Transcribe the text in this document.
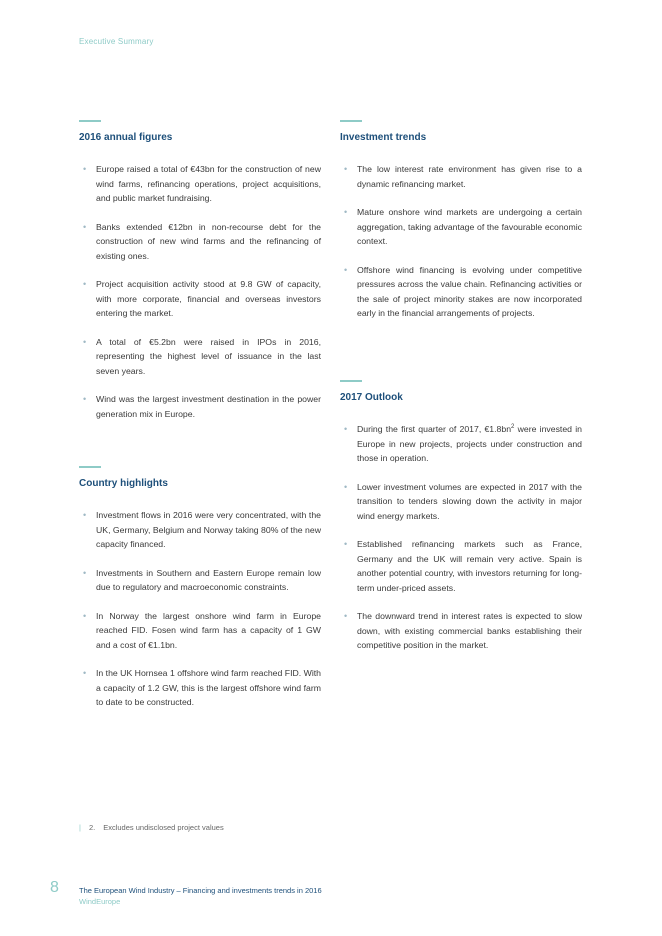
Executive Summary
2016 annual figures
• Europe raised a total of €43bn for the construction of new wind farms, refinancing operations, project acquisitions, and public market fundraising.
• Banks extended €12bn in non-recourse debt for the construction of new wind farms and the refinancing of existing ones.
• Project acquisition activity stood at 9.8 GW of capacity, with more corporate, financial and overseas investors entering the market.
• A total of €5.2bn were raised in IPOs in 2016, representing the highest level of issuance in the last seven years.
• Wind was the largest investment destination in the power generation mix in Europe.
Country highlights
• Investment flows in 2016 were very concentrated, with the UK, Germany, Belgium and Norway taking 80% of the new capacity financed.
• Investments in Southern and Eastern Europe remain low due to regulatory and macroeconomic constraints.
• In Norway the largest onshore wind farm in Europe reached FID. Fosen wind farm has a capacity of 1 GW and a cost of €1.1bn.
• In the UK Hornsea 1 offshore wind farm reached FID. With a capacity of 1.2 GW, this is the largest offshore wind farm to date to be constructed.
Investment trends
• The low interest rate environment has given rise to a dynamic refinancing market.
• Mature onshore wind markets are undergoing a certain aggregation, taking advantage of the favourable economic context.
• Offshore wind financing is evolving under competitive pressures across the value chain. Refinancing activities or the sale of project minority stakes are now incorporated early in the financial arrangements of projects.
2017 Outlook
• During the first quarter of 2017, $€1.8bn^2$ were invested in Europe in new projects, projects under construction and those in operation.
• Lower investment volumes are expected in 2017 with the transition to tenders slowing down the activity in major wind energy markets.
• Established refinancing markets such as France, Germany and the UK will remain very active. Spain is another potential country, with investors returning for long-term under-priced assets.
• The downward trend in interest rates is expected to slow down, with existing commercial banks establishing their competitive position in the market.
| 2. Excludes undisclosed project values
8	The European Wind Industry – Financing and investments trends in 2016
WindEurope
